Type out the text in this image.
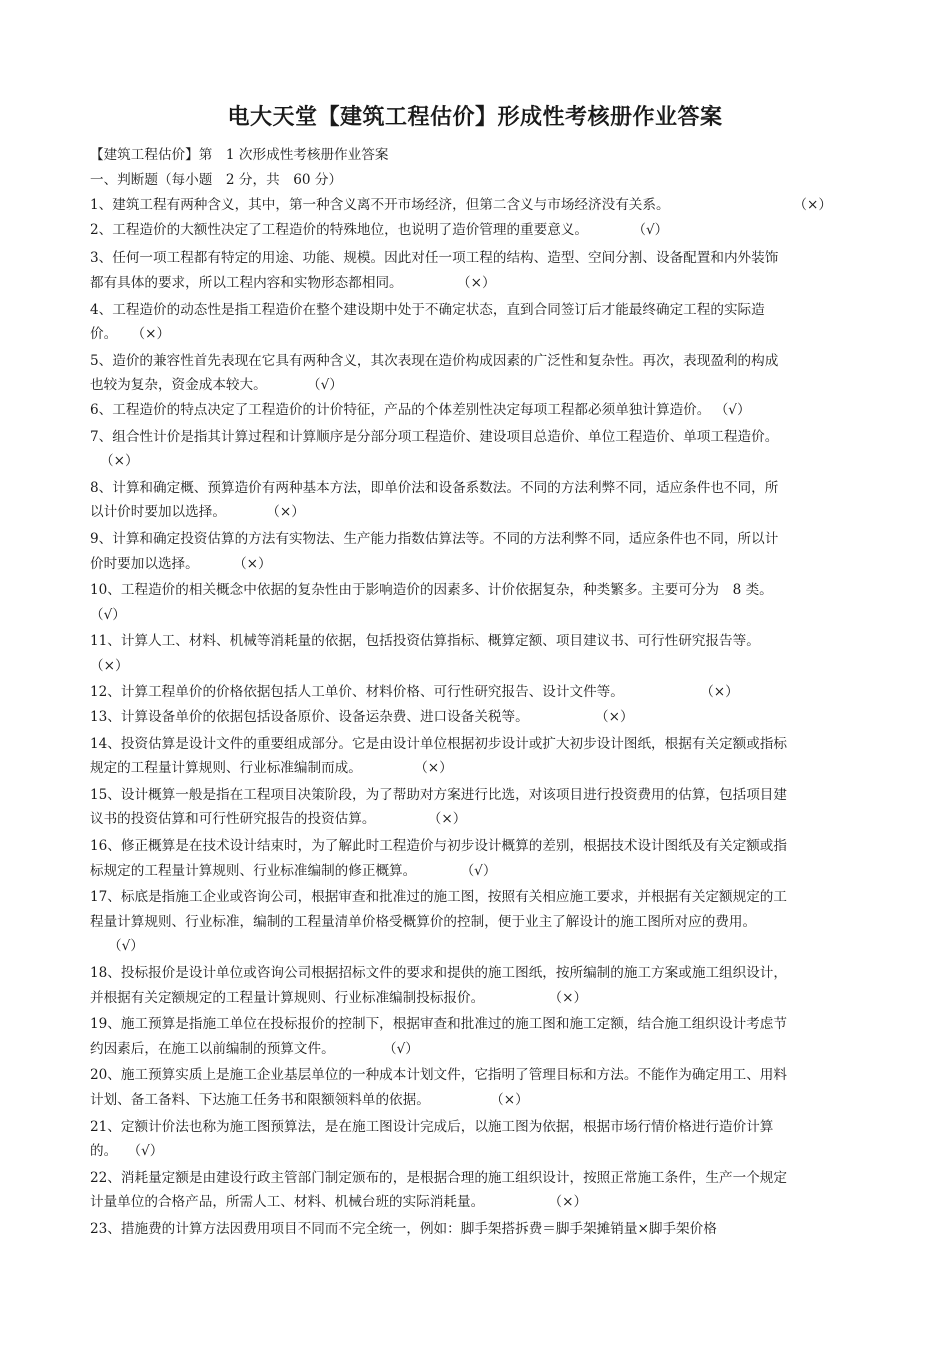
电大天堂【建筑工程估价】形成性考核册作业答案
【建筑工程估价】第　1 次形成性考核册作业答案
一、判断题（每小题　2 分，共　60 分）
1、建筑工程有两种含义，其中，第一种含义离不开市场经济，但第二含义与市场经济没有关系。	（×）
2、工程造价的大额性决定了工程造价的特殊地位，也说明了造价管理的重要意义。	（√）
3、任何一项工程都有特定的用途、功能、规模。因此对任一项工程的结构、造型、空间分割、设备配置和内外装饰都有具体的要求，所以工程内容和实物形态都相同。	（×）
4、工程造价的动态性是指工程造价在整个建设期中处于不确定状态，直到合同签订后才能最终确定工程的实际造价。 （×）
5、造价的兼容性首先表现在它具有两种含义，其次表现在造价构成因素的广泛性和复杂性。再次，表现盈利的构成也较为复杂，资金成本较大。	（√）
6、工程造价的特点决定了工程造价的计价特征，产品的个体差别性决定每项工程都必须单独计算造价。 （√）
7、组合性计价是指其计算过程和计算顺序是分部分项工程造价、建设项目总造价、单位工程造价、单项工程造价。 （×）
8、计算和确定概、预算造价有两种基本方法，即单价法和设备系数法。不同的方法利弊不同，适应条件也不同，所以计价时要加以选择。	（×）
9、计算和确定投资估算的方法有实物法、生产能力指数估算法等。不同的方法利弊不同，适应条件也不同，所以计价时要加以选择。	（×）
10、工程造价的相关概念中依据的复杂性由于影响造价的因素多、计价依据复杂，种类繁多。主要可分为　8 类。 （√）
11、计算人工、材料、机械等消耗量的依据，包括投资估算指标、概算定额、项目建议书、可行性研究报告等。 （×）
12、计算工程单价的价格依据包括人工单价、材料价格、可行性研究报告、设计文件等。	（×）
13、计算设备单价的依据包括设备原价、设备运杂费、进口设备关税等。	（×）
14、投资估算是设计文件的重要组成部分。它是由设计单位根据初步设计或扩大初步设计图纸，根据有关定额或指标规定的工程量计算规则、行业标准编制而成。	（×）
15、设计概算一般是指在工程项目决策阶段，为了帮助对方案进行比选，对该项目进行投资费用的估算，包括项目建议书的投资估算和可行性研究报告的投资估算。	（×）
16、修正概算是在技术设计结束时，为了解此时工程造价与初步设计概算的差别，根据技术设计图纸及有关定额或指标规定的工程量计算规则、行业标准编制的修正概算。	（√）
17、标底是指施工企业或咨询公司，根据审查和批准过的施工图，按照有关相应施工要求，并根据有关定额规定的工程量计算规则、行业标准，编制的工程量清单价格受概算价的控制，便于业主了解设计的施工图所对应的费用。 （√）
18、投标报价是设计单位或咨询公司根据招标文件的要求和提供的施工图纸，按所编制的施工方案或施工组织设计，并根据有关定额规定的工程量计算规则、行业标准编制投标报价。	（×）
19、施工预算是指施工单位在投标报价的控制下，根据审查和批准过的施工图和施工定额，结合施工组织设计考虑节约因素后，在施工以前编制的预算文件。	（√）
20、施工预算实质上是施工企业基层单位的一种成本计划文件，它指明了管理目标和方法。不能作为确定用工、用料计划、备工备料、下达施工任务书和限额领料单的依据。	（×）
21、定额计价法也称为施工图预算法，是在施工图设计完成后，以施工图为依据，根据市场行情价格进行造价计算的。 （√）
22、消耗量定额是由建设行政主管部门制定颁布的，是根据合理的施工组织设计，按照正常施工条件，生产一个规定计量单位的合格产品，所需人工、材料、机械台班的实际消耗量。	（×）
23、措施费的计算方法因费用项目不同而不完全统一，例如：脚手架搭拆费＝脚手架摊销量×脚手架价格
